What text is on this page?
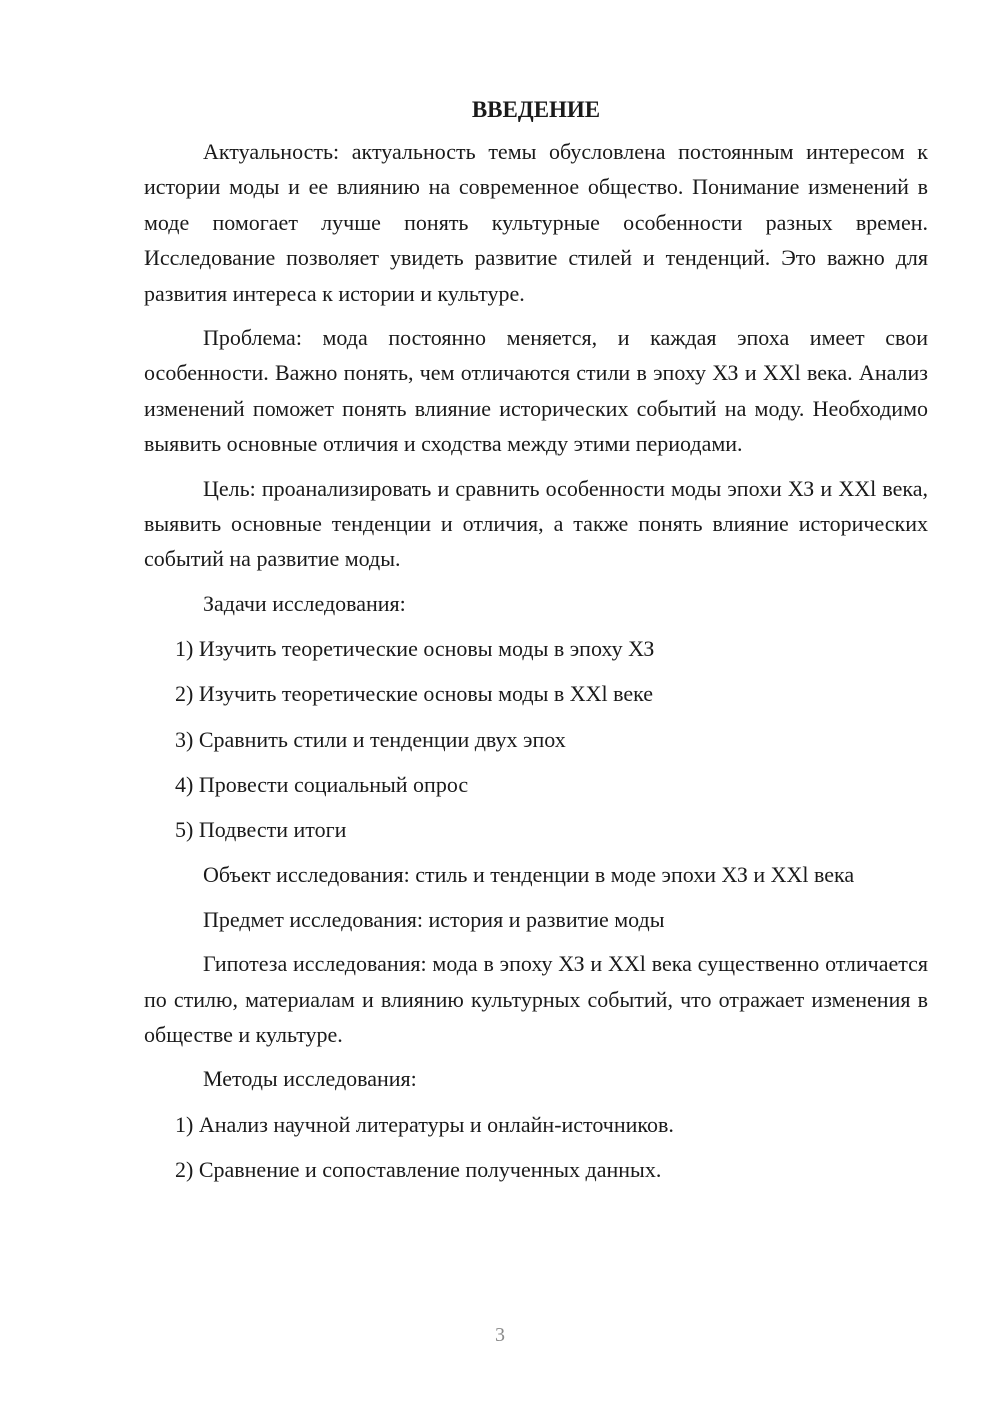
ВВЕДЕНИЕ

Актуальность: актуальность темы обусловлена постоянным интересом к истории моды и ее влиянию на современное общество. Понимание изменений в моде помогает лучше понять культурные особенности разных времен. Исследование позволяет увидеть развитие стилей и тенденций. Это важно для развития интереса к истории и культуре.

Проблема: мода постоянно меняется, и каждая эпоха имеет свои особенности. Важно понять, чем отличаются стили в эпоху ХЗ и XXl века. Анализ изменений поможет понять влияние исторических событий на моду. Необходимо выявить основные отличия и сходства между этими периодами.

Цель: проанализировать и сравнить особенности моды эпохи ХЗ и XXl века, выявить основные тенденции и отличия, а также понять влияние исторических событий на развитие моды.

Задачи исследования:

1) Изучить теоретические основы моды в эпоху ХЗ

2) Изучить теоретические основы моды в XXl веке

3) Сравнить стили и тенденции двух эпох

4) Провести социальный опрос

5) Подвести итоги

Объект исследования: стиль и тенденции в моде эпохи ХЗ и XXl века

Предмет исследования: история и развитие моды

Гипотеза исследования: мода в эпоху ХЗ и XXl века существенно отличается по стилю, материалам и влиянию культурных событий, что отражает изменения в обществе и культуре.

Методы исследования:

1) Анализ научной литературы и онлайн-источников.

2) Сравнение и сопоставление полученных данных.

3
